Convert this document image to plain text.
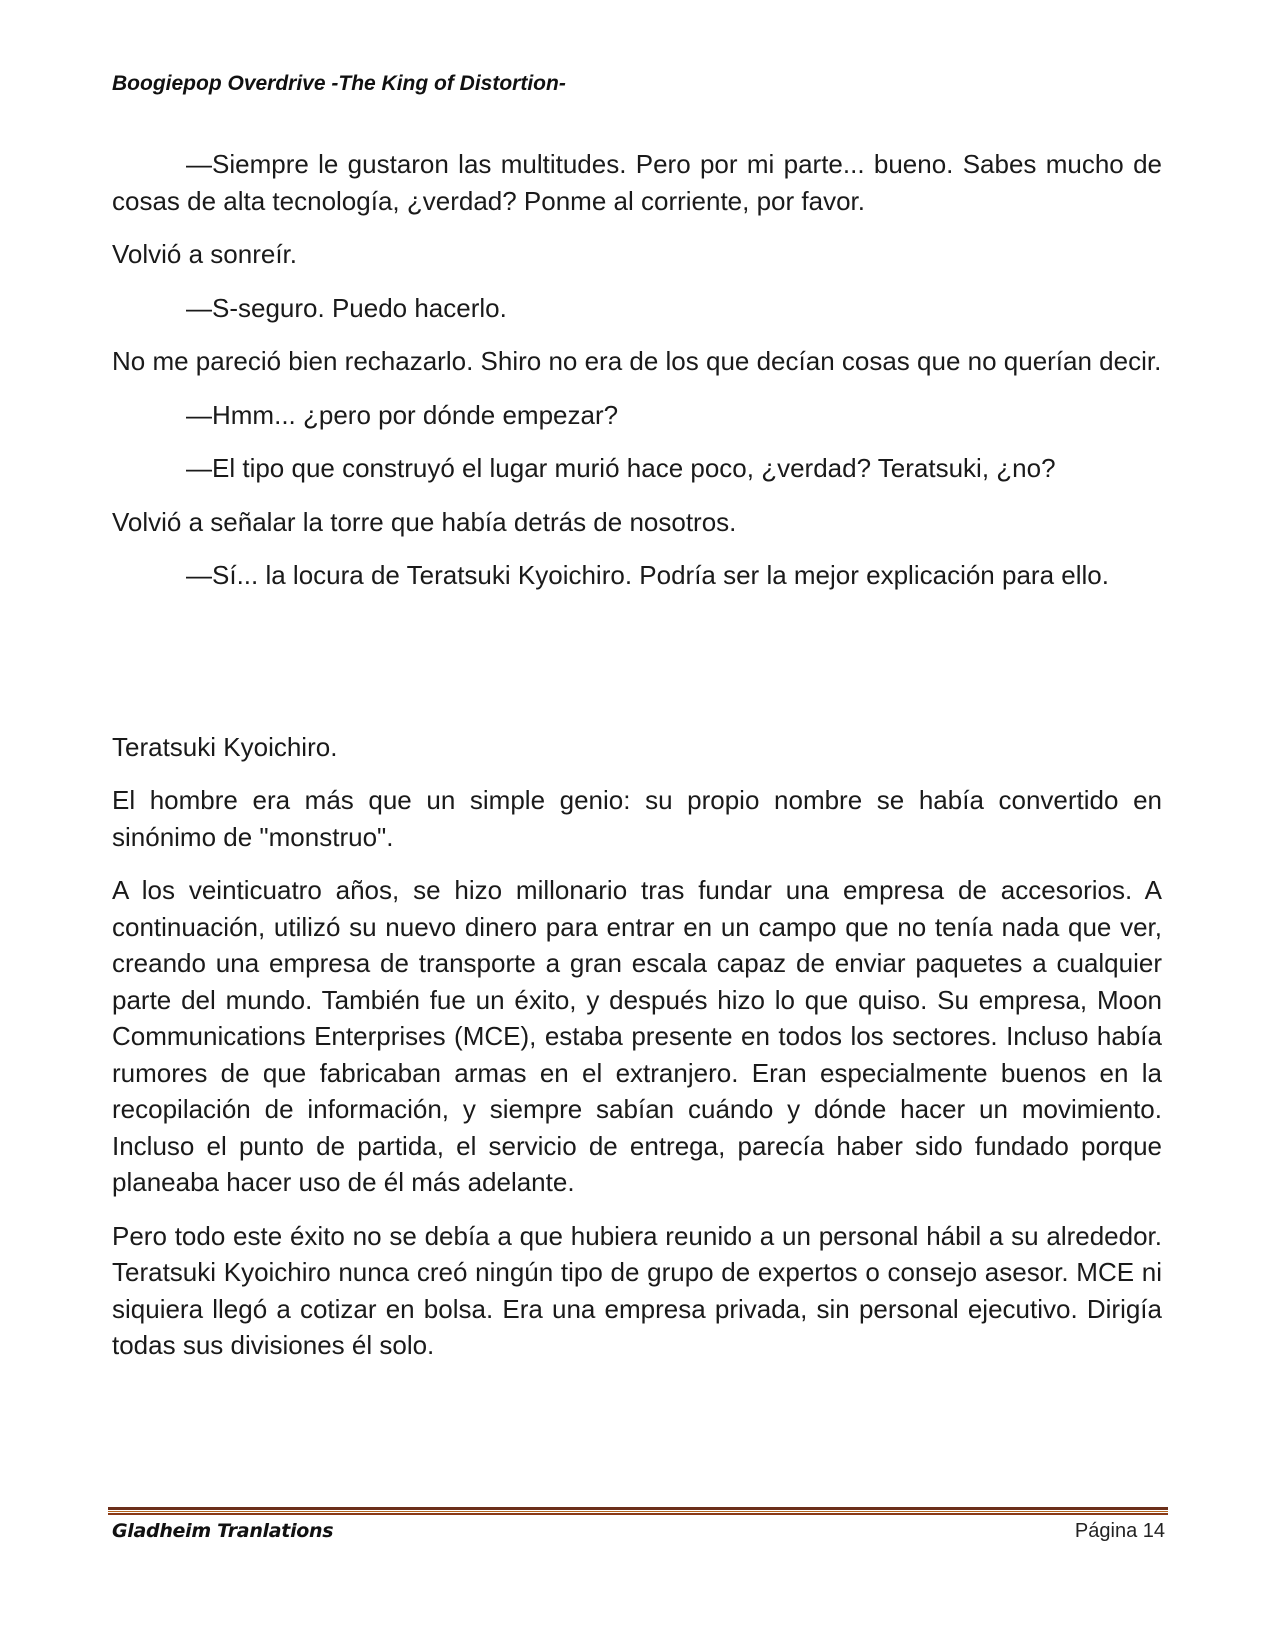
Boogiepop Overdrive -The King of Distortion-

—Siempre le gustaron las multitudes. Pero por mi parte... bueno. Sabes mucho de cosas de alta tecnología, ¿verdad? Ponme al corriente, por favor.

Volvió a sonreír.

—S-seguro. Puedo hacerlo.

No me pareció bien rechazarlo. Shiro no era de los que decían cosas que no querían decir.

—Hmm... ¿pero por dónde empezar?

—El tipo que construyó el lugar murió hace poco, ¿verdad? Teratsuki, ¿no?

Volvió a señalar la torre que había detrás de nosotros.

—Sí... la locura de Teratsuki Kyoichiro. Podría ser la mejor explicación para ello.

Teratsuki Kyoichiro.

El hombre era más que un simple genio: su propio nombre se había convertido en sinónimo de "monstruo".

A los veinticuatro años, se hizo millonario tras fundar una empresa de accesorios. A continuación, utilizó su nuevo dinero para entrar en un campo que no tenía nada que ver, creando una empresa de transporte a gran escala capaz de enviar paquetes a cualquier parte del mundo. También fue un éxito, y después hizo lo que quiso. Su empresa, Moon Communications Enterprises (MCE), estaba presente en todos los sectores. Incluso había rumores de que fabricaban armas en el extranjero. Eran especialmente buenos en la recopilación de información, y siempre sabían cuándo y dónde hacer un movimiento. Incluso el punto de partida, el servicio de entrega, parecía haber sido fundado porque planeaba hacer uso de él más adelante.

Pero todo este éxito no se debía a que hubiera reunido a un personal hábil a su alrededor. Teratsuki Kyoichiro nunca creó ningún tipo de grupo de expertos o consejo asesor. MCE ni siquiera llegó a cotizar en bolsa. Era una empresa privada, sin personal ejecutivo. Dirigía todas sus divisiones él solo.

Gladheim Tranlations	Página 14
